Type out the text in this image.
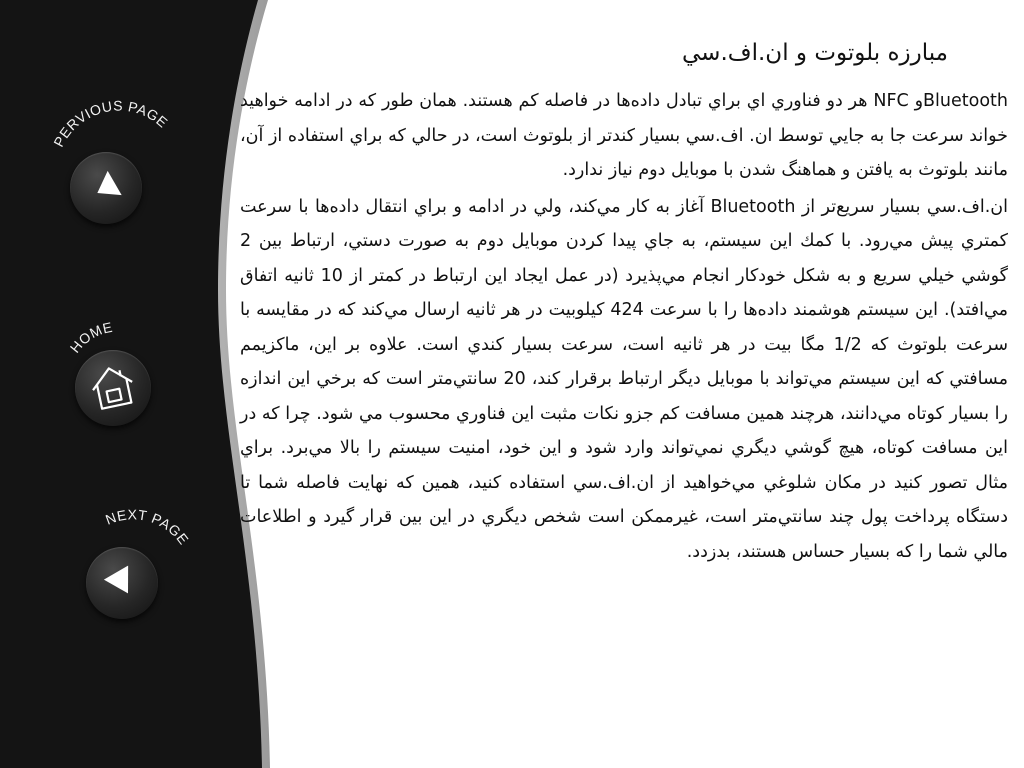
PERVIOUS PAGE
HOME
NEXT PAGE
مبارزه بلوتوت و ان.اف.سي

Bluetoothو NFC هر دو فناوري اي براي تبادل داده‌ها در فاصله کم هستند. همان طور که در ادامه خواهيد خواند سرعت جا به جايي توسط ان. اف.سي بسيار کندتر از بلوتوث است، در حالي که براي استفاده از آن، مانند بلوتوث به يافتن و هماهنگ شدن با موبايل دوم نياز ندارد.

ان.اف.سي بسيار سريع‌تر از Bluetooth آغاز به کار مي‌کند، ولي در ادامه و براي انتقال داده‌ها با سرعت کمتري پيش مي‌رود. با کمك اين سيستم، به جاي پيدا کردن موبايل دوم به صورت دستي، ارتباط بين 2 گوشي خيلي سريع و به شکل خودکار انجام مي‌پذيرد (در عمل ايجاد اين ارتباط در کمتر از 10 ثانيه اتفاق مي‌افتد). اين سيستم هوشمند داده‌ها را با سرعت 424 کيلوبيت در هر ثانيه ارسال مي‌کند که در مقايسه با سرعت بلوتوث که 1/2 مگا بيت در هر ثانيه است، سرعت بسيار کندي است. علاوه بر اين، ماکزيمم مسافتي که اين سيستم مي‌تواند با موبايل ديگر ارتباط برقرار کند، 20 سانتي‌متر است که برخي اين اندازه را بسيار کوتاه مي‌دانند، هرچند همين مسافت کم جزو نکات مثبت اين فناوري محسوب مي شود. چرا که در اين مسافت کوتاه، هيچ گوشي ديگري نمي‌تواند وارد شود و اين خود، امنيت سيستم را بالا مي‌برد. براي مثال تصور کنيد در مکان شلوغي مي‌خواهيد از ان.اف.سي استفاده کنيد، همين که نهايت فاصله شما تا دستگاه پرداخت پول چند سانتي‌متر است، غيرممکن است شخص ديگري در اين بين قرار گيرد و اطلاعات مالي شما را که بسيار حساس هستند، بدزدد.
